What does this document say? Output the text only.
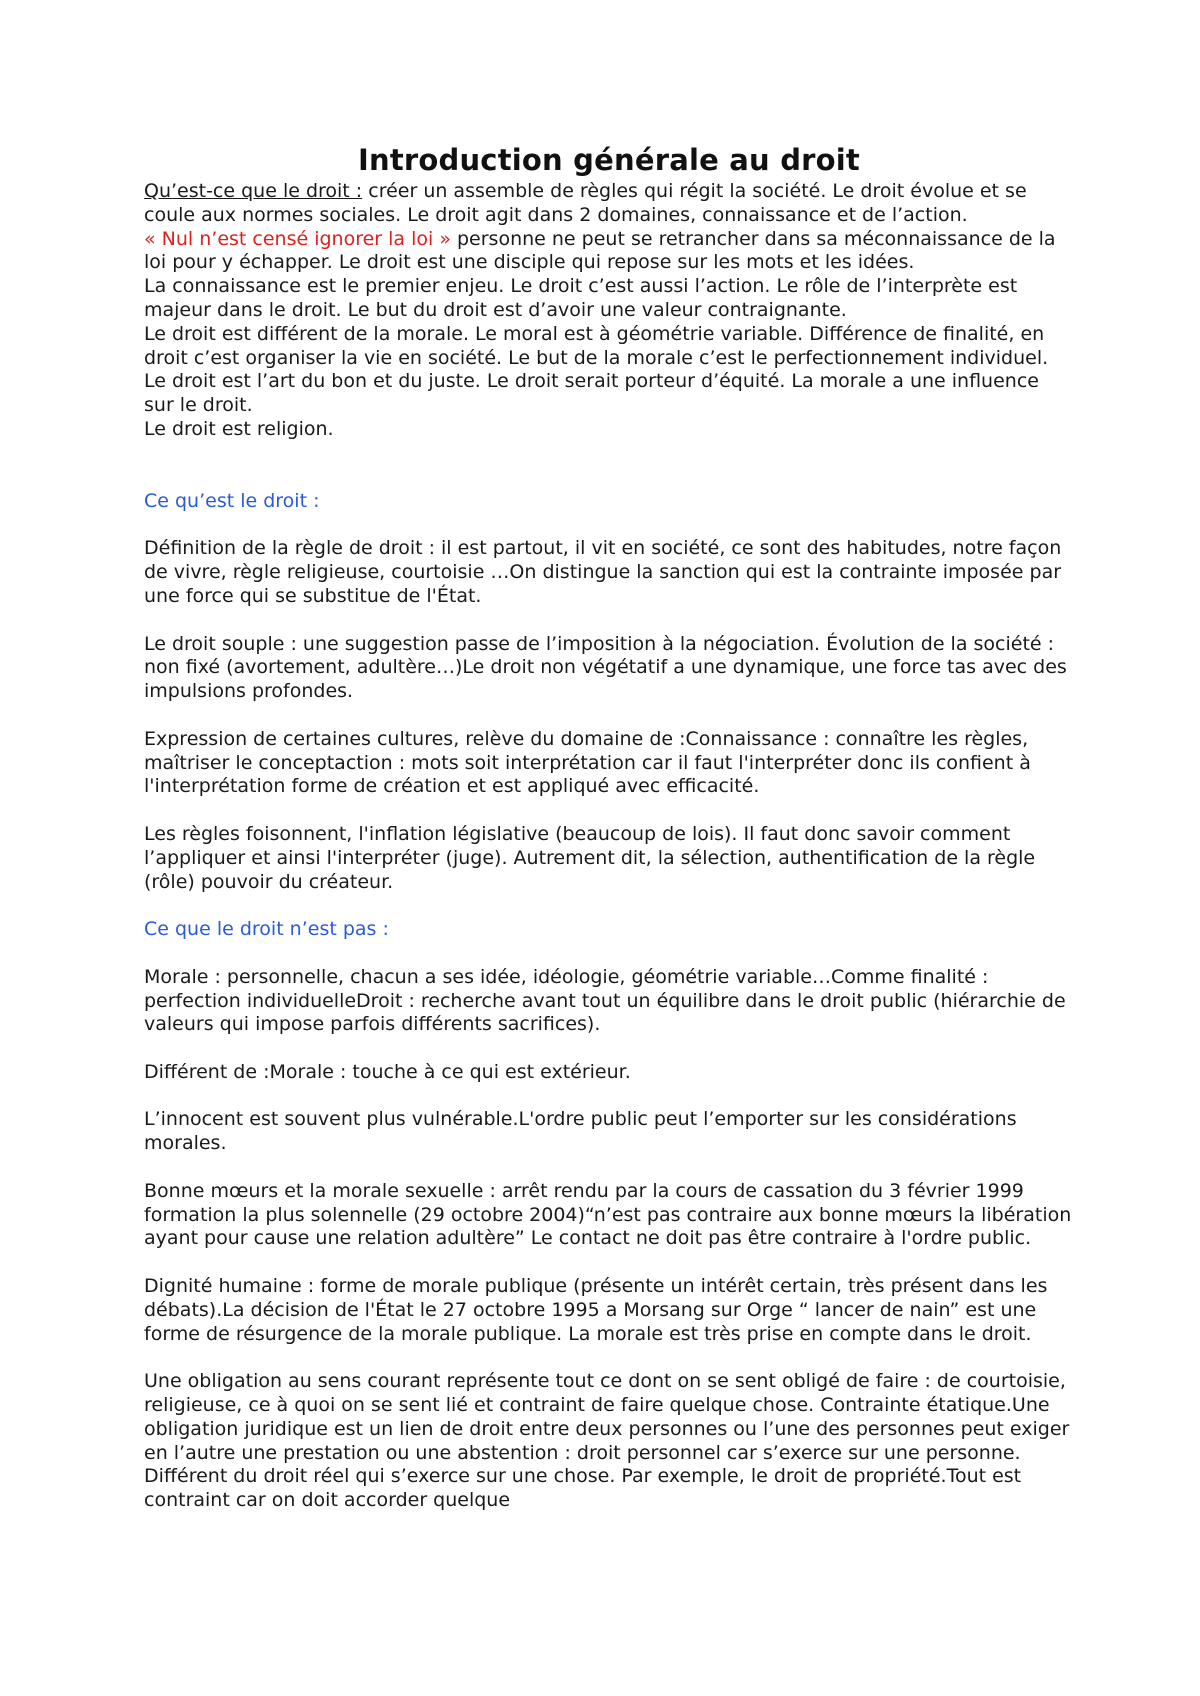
Introduction générale au droit

Qu’est-ce que le droit : créer un assemble de règles qui régit la société. Le droit évolue et se coule aux normes sociales. Le droit agit dans 2 domaines, connaissance et de l’action.
« Nul n’est censé ignorer la loi » personne ne peut se retrancher dans sa méconnaissance de la loi pour y échapper. Le droit est une disciple qui repose sur les mots et les idées.

La connaissance est le premier enjeu. Le droit c’est aussi l’action. Le rôle de l’interprète est majeur dans le droit. Le but du droit est d’avoir une valeur contraignante.

Le droit est différent de la morale. Le moral est à géométrie variable. Différence de finalité, en droit c’est organiser la vie en société. Le but de la morale c’est le perfectionnement individuel. Le droit est l’art du bon et du juste. Le droit serait porteur d’équité. La morale a une influence sur le droit.

Le droit est religion.

Ce qu’est le droit :

Définition de la règle de droit : il est partout, il vit en société, ce sont des habitudes, notre façon de vivre, règle religieuse, courtoisie …On distingue la sanction qui est la contrainte imposée par une force qui se substitue de l'État.

Le droit souple : une suggestion passe de l’imposition à la négociation. Évolution de la société : non fixé (avortement, adultère…)Le droit non végétatif a une dynamique, une force tas avec des impulsions profondes.

Expression de certaines cultures, relève du domaine de :Connaissance : connaître les règles, maîtriser le conceptaction : mots soit interprétation car il faut l'interpréter donc ils confient à l'interprétation forme de création et est appliqué avec efficacité.

Les règles foisonnent, l'inflation législative (beaucoup de lois). Il faut donc savoir comment l’appliquer et ainsi l'interpréter (juge). Autrement dit, la sélection, authentification de la règle (rôle) pouvoir du créateur.

Ce que le droit n’est pas :

Morale : personnelle, chacun a ses idée, idéologie, géométrie variable…Comme finalité : perfection individuelleDroit : recherche avant tout un équilibre dans le droit public (hiérarchie de valeurs qui impose parfois différents sacrifices).

Différent de :Morale : touche à ce qui est extérieur.

L’innocent est souvent plus vulnérable.L'ordre public peut l’emporter sur les considérations morales.

Bonne mœurs et la morale sexuelle : arrêt rendu par la cours de cassation du 3 février 1999 formation la plus solennelle (29 octobre 2004)“n’est pas contraire aux bonne mœurs la libération ayant pour cause une relation adultère” Le contact ne doit pas être contraire à l'ordre public.

Dignité humaine : forme de morale publique (présente un intérêt certain, très présent dans les débats).La décision de l'État le 27 octobre 1995 a Morsang sur Orge “ lancer de nain” est une forme de résurgence de la morale publique. La morale est très prise en compte dans le droit.

Une obligation au sens courant représente tout ce dont on se sent obligé de faire : de courtoisie, religieuse, ce à quoi on se sent lié et contraint de faire quelque chose. Contrainte étatique.Une obligation juridique est un lien de droit entre deux personnes ou l’une des personnes peut exiger en l’autre une prestation ou une abstention : droit personnel car s’exerce sur une personne. Différent du droit réel qui s’exerce sur une chose. Par exemple, le droit de propriété.Tout est contraint car on doit accorder quelque
